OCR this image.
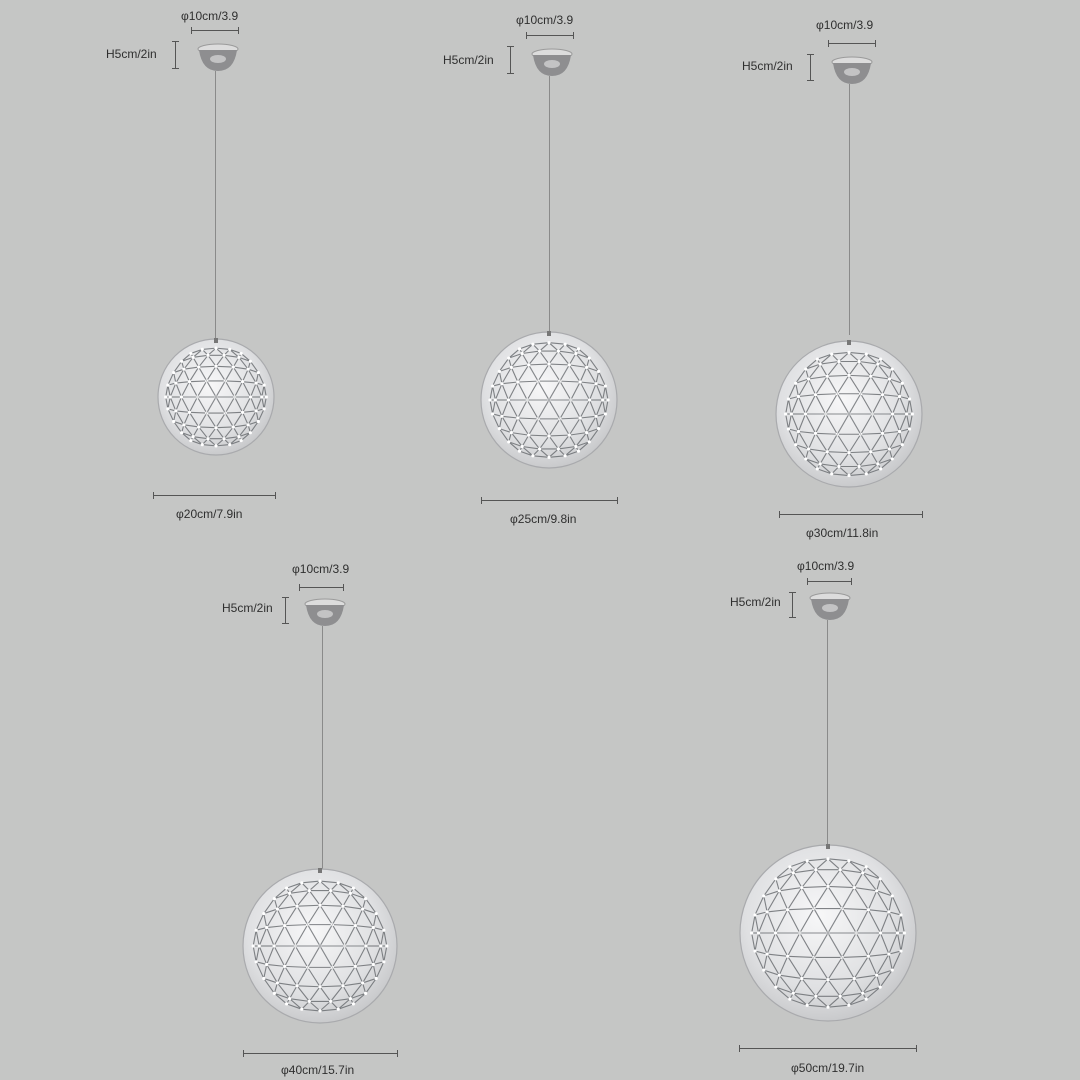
φ10cm/3.9
H5cm/2in
φ20cm/7.9in
φ10cm/3.9
H5cm/2in
φ25cm/9.8in
φ10cm/3.9
H5cm/2in
φ30cm/11.8in
φ10cm/3.9
H5cm/2in
φ40cm/15.7in
φ10cm/3.9
H5cm/2in
φ50cm/19.7in
